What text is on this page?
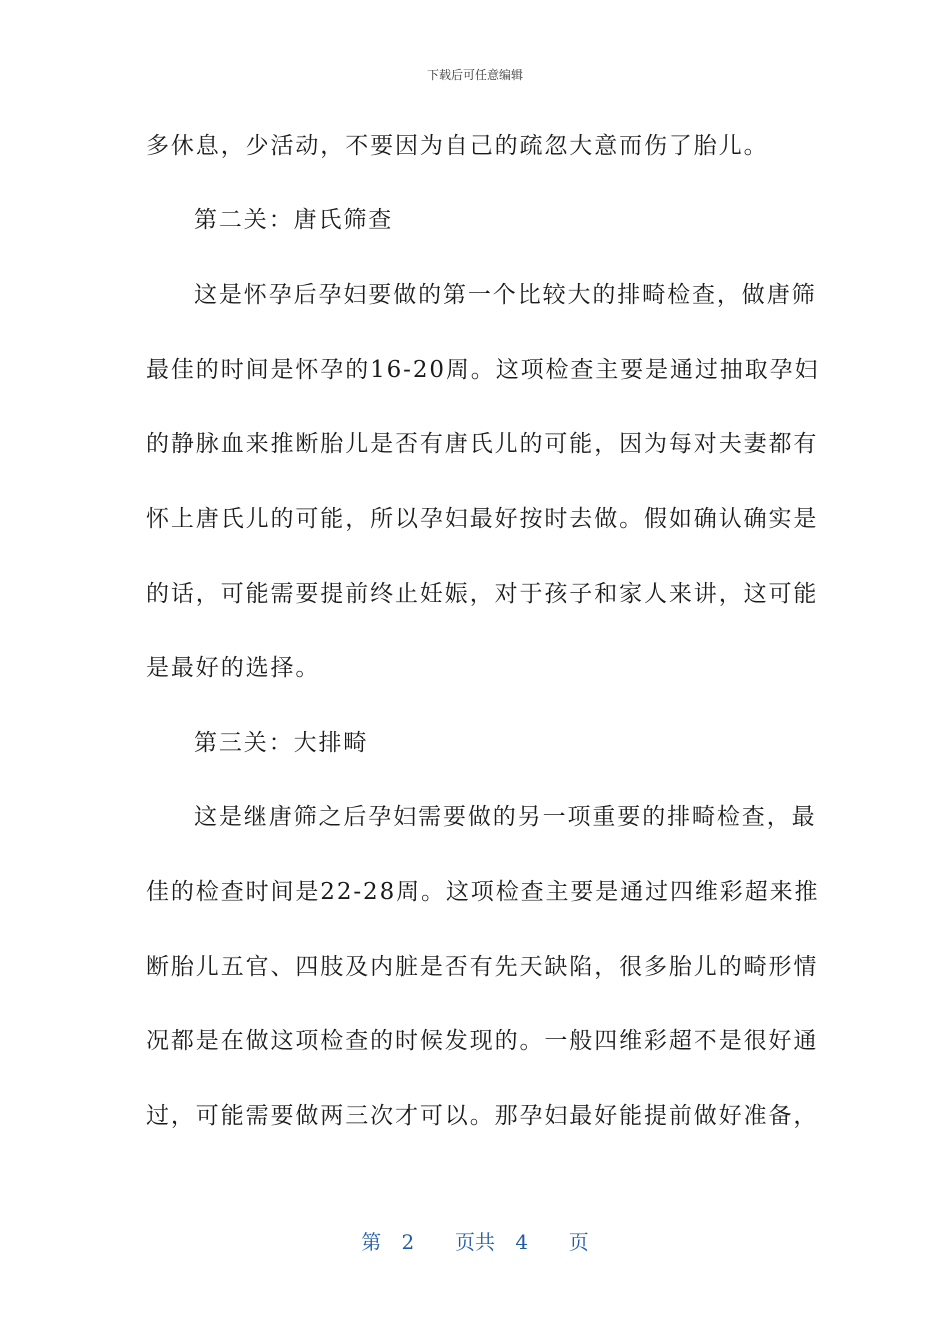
下载后可任意编辑

多休息，少活动，不要因为自己的疏忽大意而伤了胎儿。

第二关：唐氏筛查

这是怀孕后孕妇要做的第一个比较大的排畸检查，做唐筛

最佳的时间是怀孕的16-20周。这项检查主要是通过抽取孕妇

的静脉血来推断胎儿是否有唐氏儿的可能，因为每对夫妻都有

怀上唐氏儿的可能，所以孕妇最好按时去做。假如确认确实是

的话，可能需要提前终止妊娠，对于孩子和家人来讲，这可能

是最好的选择。

第三关：大排畸

这是继唐筛之后孕妇需要做的另一项重要的排畸检查，最

佳的检查时间是22-28周。这项检查主要是通过四维彩超来推

断胎儿五官、四肢及内脏是否有先天缺陷，很多胎儿的畸形情

况都是在做这项检查的时候发现的。一般四维彩超不是很好通

过，可能需要做两三次才可以。那孕妇最好能提前做好准备，

第 2  页共 4  页
